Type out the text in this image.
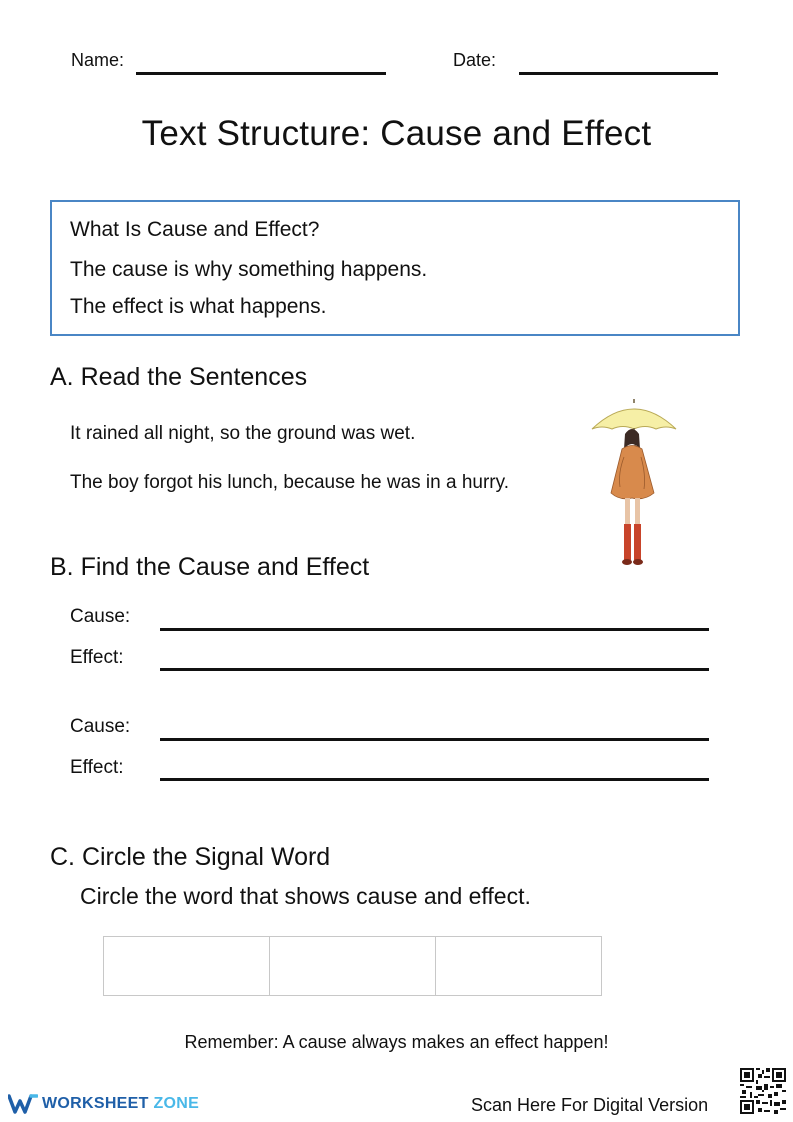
Name:	Date:
Text Structure: Cause and Effect
What Is Cause and Effect?
The cause is why something happens.
The effect is what happens.
A. Read the Sentences
It rained all night, so the ground was wet.
The boy forgot his lunch, because he was in a hurry.
B. Find the Cause and Effect
Cause:
Effect:
Cause:
Effect:
C. Circle the Signal Word
Circle the word that shows cause and effect.
Remember: A cause always makes an effect happen!
WORKSHEET ZONE	Scan Here For Digital Version
